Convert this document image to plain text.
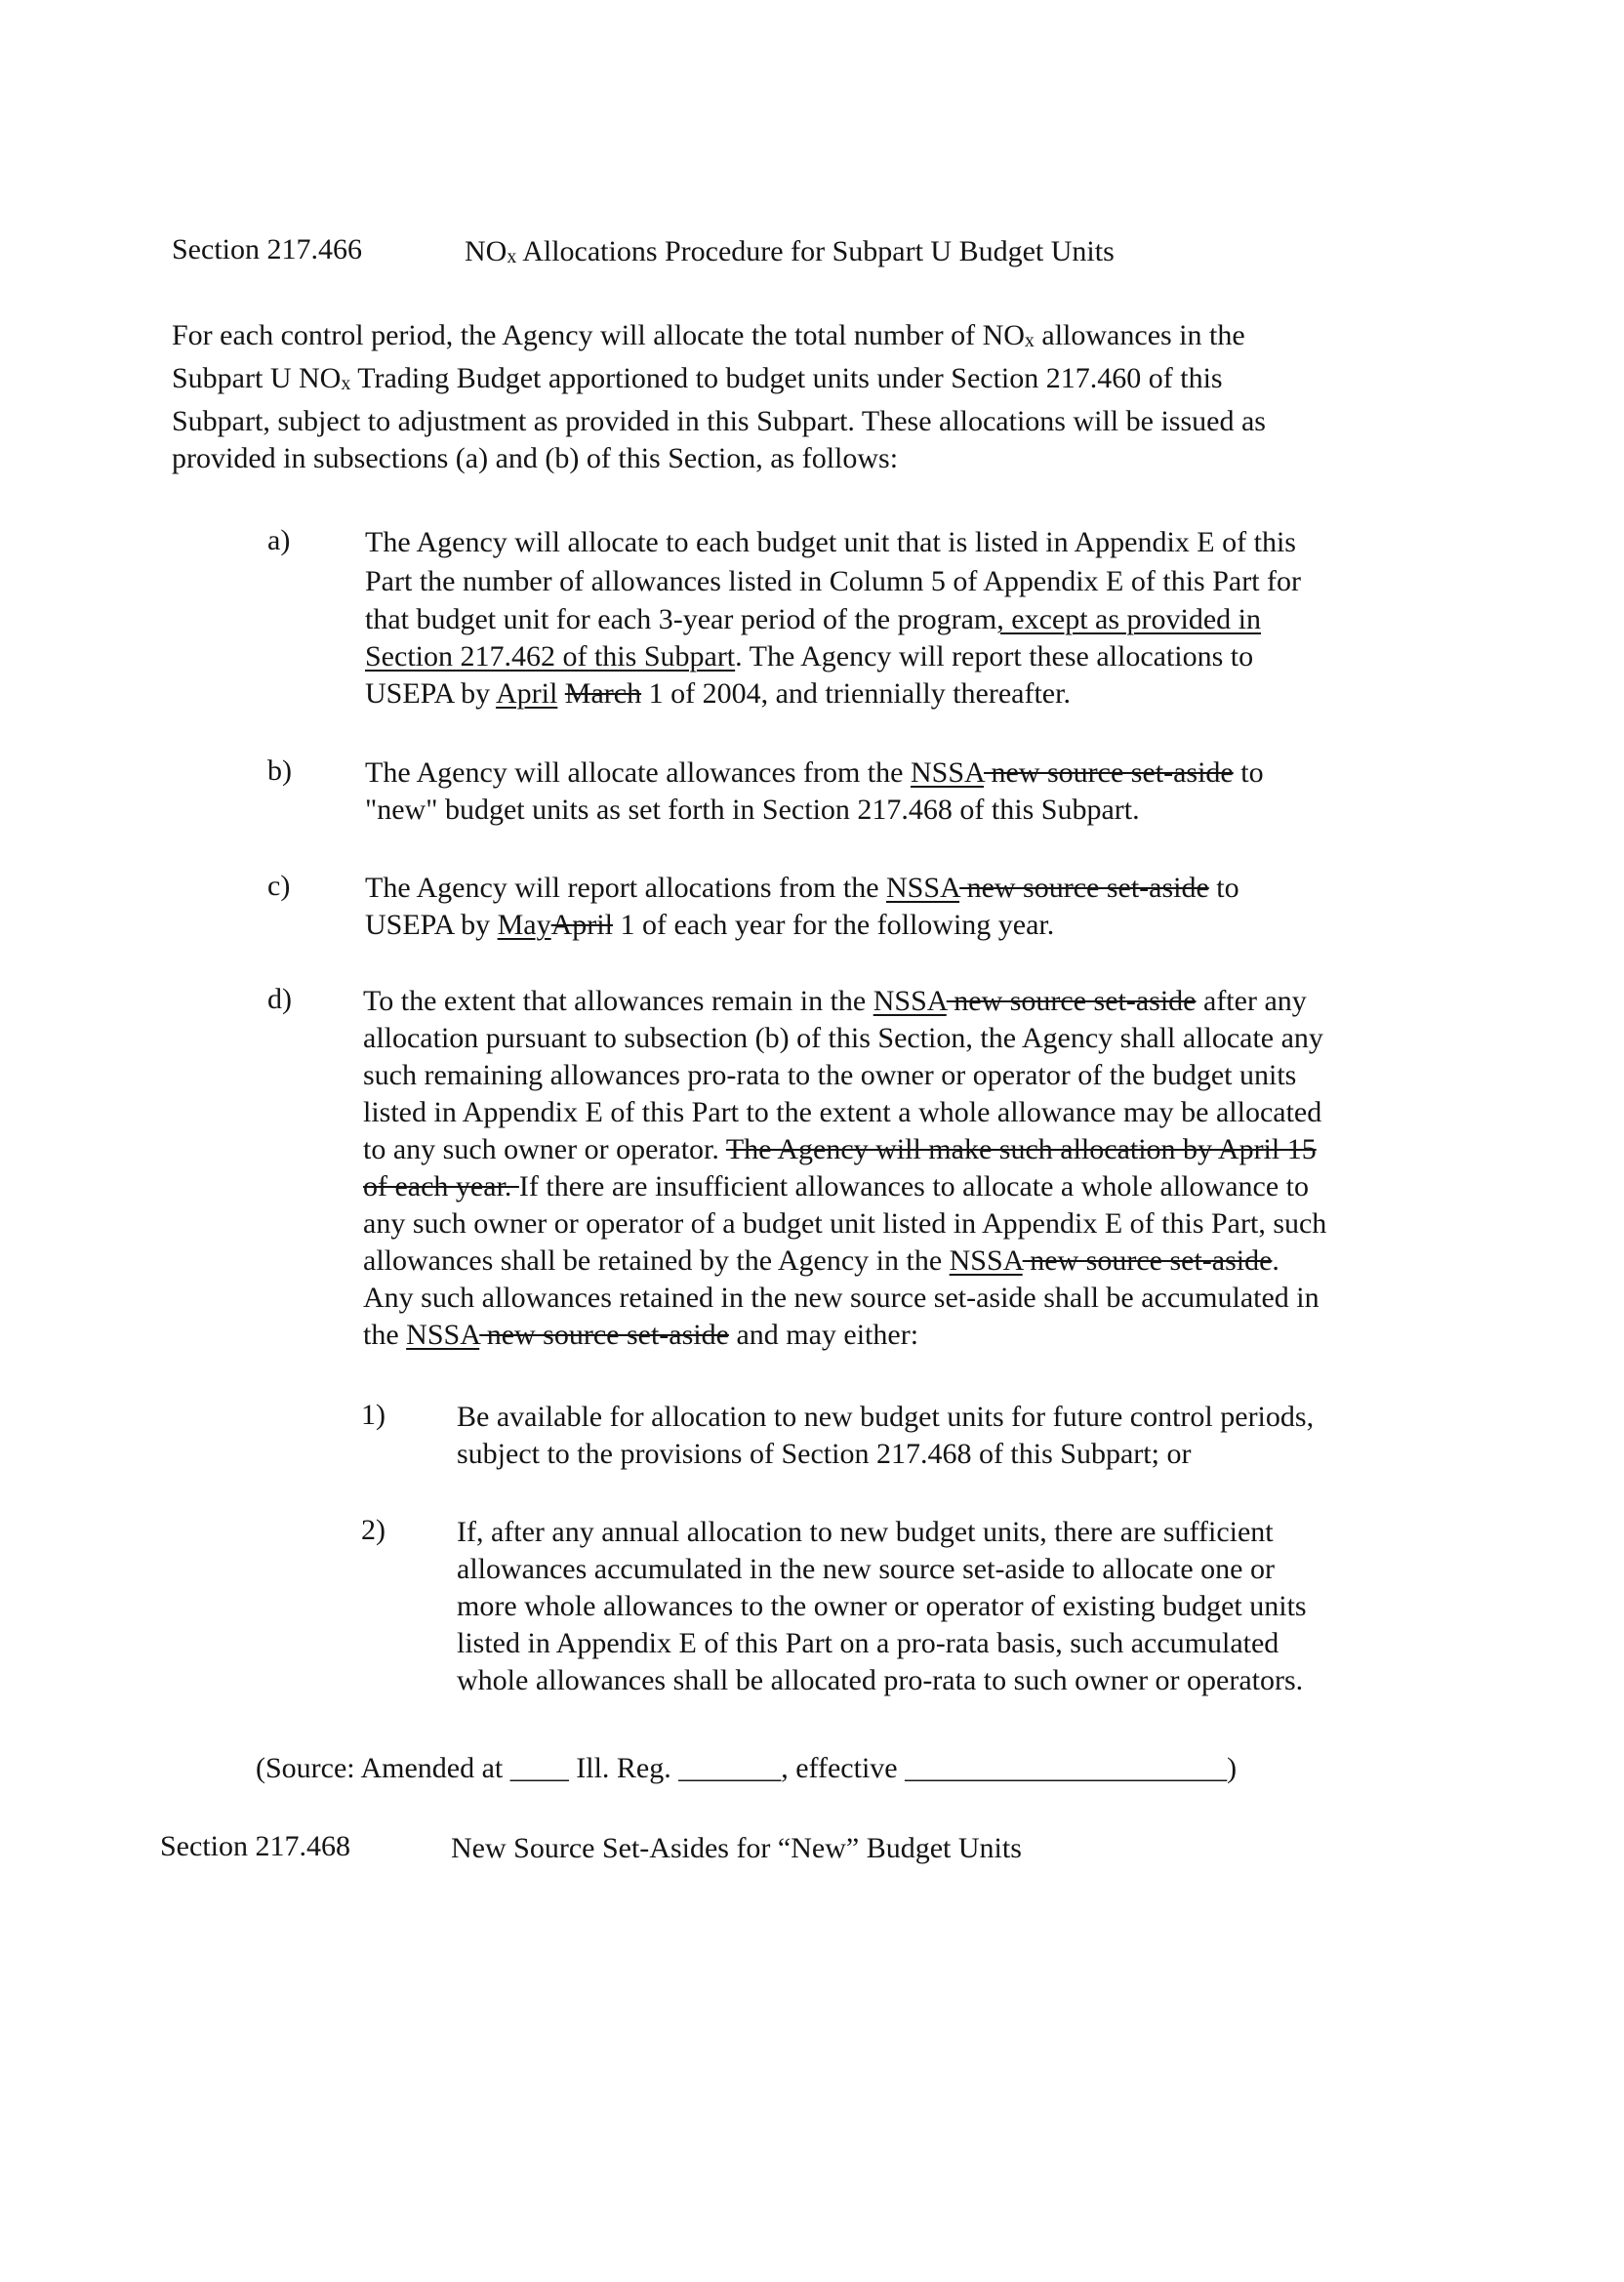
Section 217.466	$NO_x$ Allocations Procedure for Subpart U Budget Units
For each control period, the Agency will allocate the total number of $NO_x$ allowances in the
Subpart U $NO_x$ Trading Budget apportioned to budget units under Section 217.460 of this
Subpart, subject to adjustment as provided in this Subpart. These allocations will be issued as
provided in subsections (a) and (b) of this Section, as follows:
a)	The Agency will allocate to each budget unit that is listed in Appendix E of this
Part the number of allowances listed in Column 5 of Appendix E of this Part for
that budget unit for each 3-year period of the program, except as provided in
Section 217.462 of this Subpart. The Agency will report these allocations to
USEPA by April March 1 of 2004, and triennially thereafter.
b)	The Agency will allocate allowances from the NSSA new source set-aside to
"new" budget units as set forth in Section 217.468 of this Subpart.
c)	The Agency will report allocations from the NSSA new source set-aside to
USEPA by MayApril 1 of each year for the following year.
d) To the extent that allowances remain in the NSSA new source set-aside after any
allocation pursuant to subsection (b) of this Section, the Agency shall allocate any
such remaining allowances pro-rata to the owner or operator of the budget units
listed in Appendix E of this Part to the extent a whole allowance may be allocated
to any such owner or operator. The Agency will make such allocation by April 15
of each year. If there are insufficient allowances to allocate a whole allowance to
any such owner or operator of a budget unit listed in Appendix E of this Part, such
allowances shall be retained by the Agency in the NSSA new source set-aside.
Any such allowances retained in the new source set-aside shall be accumulated in
the NSSA new source set-aside and may either:
1) Be available for allocation to new budget units for future control periods,
subject to the provisions of Section 217.468 of this Subpart; or
2) If, after any annual allocation to new budget units, there are sufficient
allowances accumulated in the new source set-aside to allocate one or
more whole allowances to the owner or operator of existing budget units
listed in Appendix E of this Part on a pro-rata basis, such accumulated
whole allowances shall be allocated pro-rata to such owner or operators.
(Source: Amended at ____ Ill. Reg. _______, effective ______________________)
Section 217.468	New Source Set-Asides for “New” Budget Units
